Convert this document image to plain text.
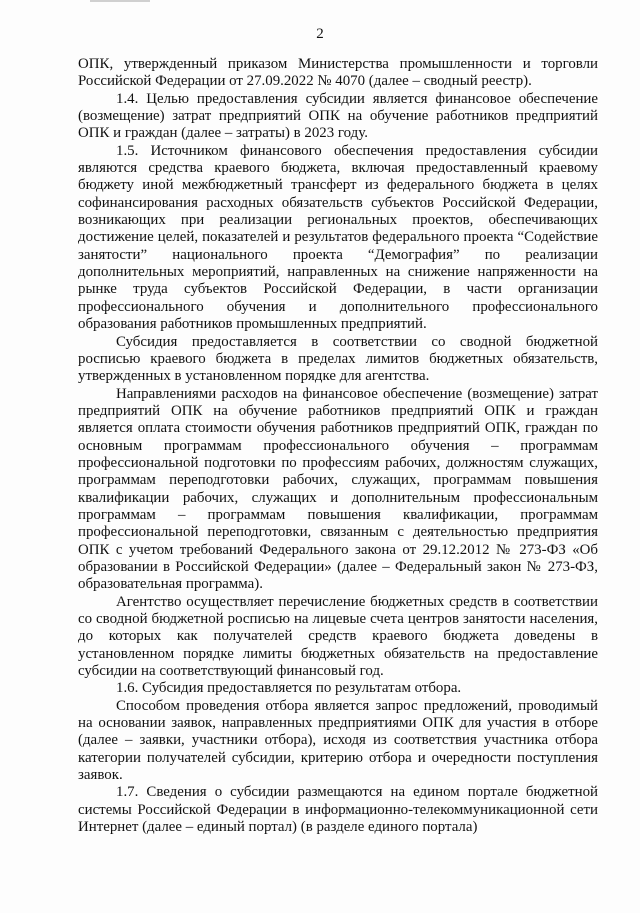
2

ОПК, утвержденный приказом Министерства промышленности и торговли Российской Федерации от 27.09.2022 № 4070 (далее – сводный реестр).

1.4. Целью предоставления субсидии является финансовое обеспечение (возмещение) затрат предприятий ОПК на обучение работников предприятий ОПК и граждан (далее – затраты) в 2023 году.

1.5. Источником финансового обеспечения предоставления субсидии являются средства краевого бюджета, включая предоставленный краевому бюджету иной межбюджетный трансферт из федерального бюджета в целях софинансирования расходных обязательств субъектов Российской Федерации, возникающих при реализации региональных проектов, обеспечивающих достижение целей, показателей и результатов федерального проекта “Содействие занятости” национального проекта “Демография” по реализации дополнительных мероприятий, направленных на снижение напряженности на рынке труда субъектов Российской Федерации, в части организации профессионального обучения и дополнительного профессионального образования работников промышленных предприятий.

Субсидия предоставляется в соответствии со сводной бюджетной росписью краевого бюджета в пределах лимитов бюджетных обязательств, утвержденных в установленном порядке для агентства.

Направлениями расходов на финансовое обеспечение (возмещение) затрат предприятий ОПК на обучение работников предприятий ОПК и граждан является оплата стоимости обучения работников предприятий ОПК, граждан по основным программам профессионального обучения – программам профессиональной подготовки по профессиям рабочих, должностям служащих, программам переподготовки рабочих, служащих, программам повышения квалификации рабочих, служащих и дополнительным профессиональным программам – программам повышения квалификации, программам профессиональной переподготовки, связанным с деятельностью предприятия ОПК с учетом требований Федерального закона от 29.12.2012 № 273-ФЗ «Об образовании в Российской Федерации» (далее – Федеральный закон № 273-ФЗ, образовательная программа).

Агентство осуществляет перечисление бюджетных средств в соответствии со сводной бюджетной росписью на лицевые счета центров занятости населения, до которых как получателей средств краевого бюджета доведены в установленном порядке лимиты бюджетных обязательств на предоставление субсидии на соответствующий финансовый год.

1.6. Субсидия предоставляется по результатам отбора.

Способом проведения отбора является запрос предложений, проводимый на основании заявок, направленных предприятиями ОПК для участия в отборе (далее – заявки, участники отбора), исходя из соответствия участника отбора категории получателей субсидии, критерию отбора и очередности поступления заявок.

1.7. Сведения о субсидии размещаются на едином портале бюджетной системы Российской Федерации в информационно-телекоммуникационной сети Интернет (далее – единый портал) (в разделе единого портала)
